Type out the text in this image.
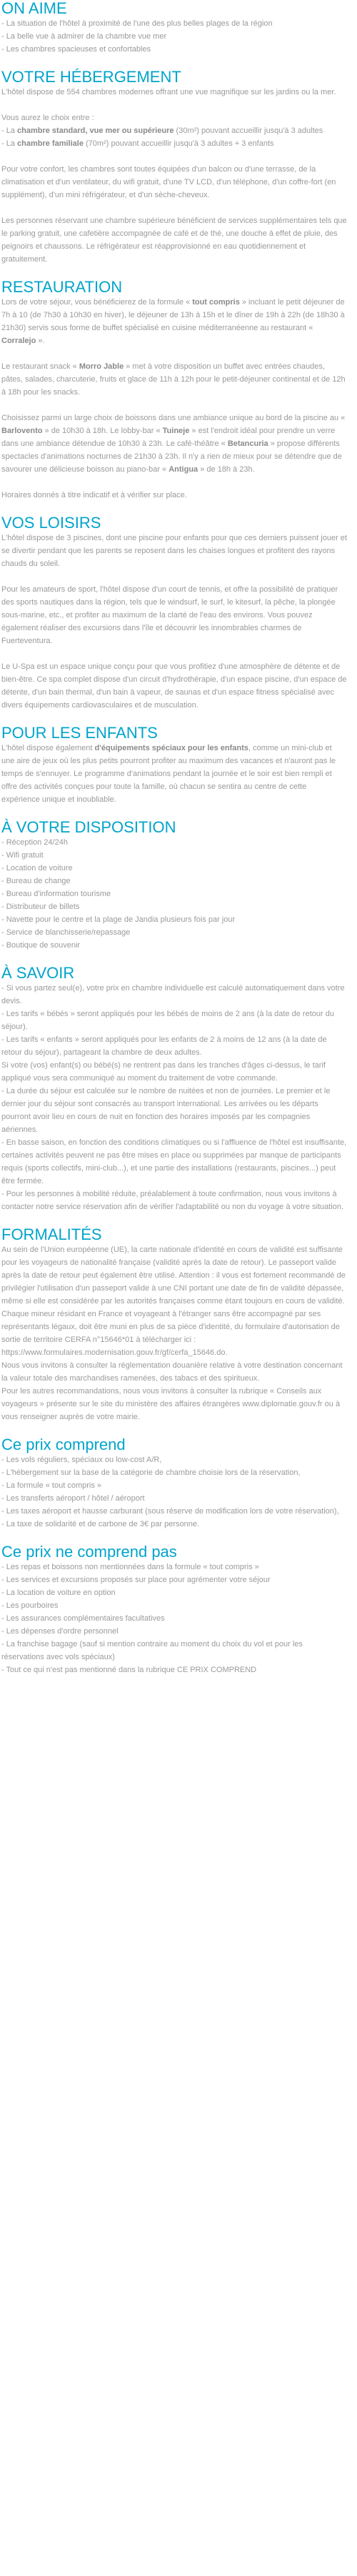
ON AIME
- La situation de l'hôtel à proximité de l'une des plus belles plages de la région
- La belle vue à admirer de la chambre vue mer
- Les chambres spacieuses et confortables
VOTRE HÉBERGEMENT

L'hôtel dispose de 554 chambres modernes offrant une vue magnifique sur les jardins ou la mer.

Vous aurez le choix entre :
- La chambre standard, vue mer ou supérieure (30m²) pouvant accueillir jusqu'à 3 adultes
- La chambre familiale (70m²) pouvant accueillir jusqu'à 3 adultes + 3 enfants

Pour votre confort, les chambres sont toutes équipées d'un balcon ou d'une terrasse, de la climatisation et d'un ventilateur, du wifi gratuit, d'une TV LCD, d'un téléphone, d'un coffre-fort (en supplément), d'un mini réfrigérateur, et d'un sèche-cheveux.

Les personnes réservant une chambre supérieure bénéficient de services supplémentaires tels que le parking gratuit, une cafetière accompagnée de café et de thé, une douche à effet de pluie, des peignoirs et chaussons. Le réfrigérateur est réapprovisionné en eau quotidiennement et gratuitement.

RESTAURATION

Lors de votre séjour, vous bénéficierez de la formule « tout compris » incluant le petit déjeuner de 7h à 10 (de 7h30 à 10h30 en hiver), le déjeuner de 13h à 15h et le dîner de 19h à 22h (de 18h30 à 21h30) servis sous forme de buffet spécialisé en cuisine méditerranéenne au restaurant « Corralejo ».

Le restaurant snack « Morro Jable » met à votre disposition un buffet avec entrées chaudes, pâtes, salades, charcuterie, fruits et glace de 11h à 12h pour le petit-déjeuner continental et de 12h à 18h pour les snacks.

Choisissez parmi un large choix de boissons dans une ambiance unique au bord de la piscine au « Barlovento » de 10h30 à 18h. Le lobby-bar « Tuineje » est l'endroit idéal pour prendre un verre dans une ambiance détendue de 10h30 à 23h. Le café-théâtre « Betancuria » propose différents spectacles d'animations nocturnes de 21h30 à 23h. Il n'y a rien de mieux pour se détendre que de savourer une délicieuse boisson au piano-bar « Antigua » de 18h à 23h.

Horaires donnés à titre indicatif et à vérifier sur place.

VOS LOISIRS

L'hôtel dispose de 3 piscines, dont une piscine pour enfants pour que ces derniers puissent jouer et se divertir pendant que les parents se reposent dans les chaises longues et profitent des rayons chauds du soleil.

Pour les amateurs de sport, l'hôtel dispose d'un court de tennis, et offre la possibilité de pratiquer des sports nautiques dans la région, tels que le windsurf, le surf, le kitesurf, la pêche, la plongée sous-marine, etc., et profiter au maximum de la clarté de l'eau des environs. Vous pouvez également réaliser des excursions dans l'île et découvrir les innombrables charmes de Fuerteventura.

Le U-Spa est un espace unique conçu pour que vous profitiez d'une atmosphère de détente et de bien-être. Ce spa complet dispose d'un circuit d'hydrothérapie, d'un espace piscine, d'un espace de détente, d'un bain thermal, d'un bain à vapeur, de saunas et d'un espace fitness spécialisé avec divers équipements cardiovasculaires et de musculation.

POUR LES ENFANTS

L'hôtel dispose également d'équipements spéciaux pour les enfants, comme un mini-club et une aire de jeux où les plus petits pourront profiter au maximum des vacances et n'auront pas le temps de s'ennuyer. Le programme d'animations pendant la journée et le soir est bien rempli et offre des activités conçues pour toute la famille, où chacun se sentira au centre de cette expérience unique et inoubliable.

À VOTRE DISPOSITION
- Réception 24/24h
- Wifi gratuit
- Location de voiture
- Bureau de change
- Bureau d'information tourisme
- Distributeur de billets
- Navette pour le centre et la plage de Jandia plusieurs fois par jour
- Service de blanchisserie/repassage
- Boutique de souvenir
À SAVOIR
- Si vous partez seul(e), votre prix en chambre individuelle est calculé automatiquement dans votre devis.
- Les tarifs « bébés » seront appliqués pour les bébés de moins de 2 ans (à la date de retour du séjour).
- Les tarifs « enfants » seront appliqués pour les enfants de 2 à moins de 12 ans (à la date de retour du séjour), partageant la chambre de deux adultes.
Si votre (vos) enfant(s) ou bébé(s) ne rentrent pas dans les tranches d'âges ci-dessus, le tarif appliqué vous sera communiqué au moment du traitement de votre commande.
- La durée du séjour est calculée sur le nombre de nuitées et non de journées. Le premier et le dernier jour du séjour sont consacrés au transport international. Les arrivées ou les départs pourront avoir lieu en cours de nuit en fonction des horaires imposés par les compagnies aériennes.
- En basse saison, en fonction des conditions climatiques ou si l'affluence de l'hôtel est insuffisante, certaines activités peuvent ne pas être mises en place ou supprimées par manque de participants requis (sports collectifs, mini-club...), et une partie des installations (restaurants, piscines...) peut être fermée.
- Pour les personnes à mobilité réduite, préalablement à toute confirmation, nous vous invitons à contacter notre service réservation afin de vérifier l'adaptabilité ou non du voyage à votre situation.
FORMALITÉS
Au sein de l'Union européenne (UE), la carte nationale d'identité en cours de validité est suffisante pour les voyageurs de nationalité française (validité après la date de retour). Le passeport valide après la date de retour peut également être utilisé. Attention : il vous est fortement recommandé de privilégier l'utilisation d'un passeport valide à une CNI portant une date de fin de validité dépassée, même si elle est considérée par les autorités françaises comme étant toujours en cours de validité. Chaque mineur résidant en France et voyageant à l'étranger sans être accompagné par ses représentants légaux, doit être muni en plus de sa pièce d'identité, du formulaire d'autorisation de sortie de territoire CERFA n°15646*01 à télécharger ici : https://www.formulaires.modernisation.gouv.fr/gf/cerfa_15646.do.
Nous vous invitons à consulter la réglementation douanière relative à votre destination concernant la valeur totale des marchandises ramenées, des tabacs et des spiritueux.
Pour les autres recommandations, nous vous invitons à consulter la rubrique « Conseils aux voyageurs » présente sur le site du ministère des affaires étrangères www.diplomatie.gouv.fr ou à vous renseigner auprès de votre mairie.
Ce prix comprend
- Les vols réguliers, spéciaux ou low-cost A/R,
- L'hébergement sur la base de la catégorie de chambre choisie lors de la réservation,
- La formule « tout compris »
- Les transferts aéroport / hôtel / aéroport
- Les taxes aéroport et hausse carburant (sous réserve de modification lors de votre réservation),
- La taxe de solidarité et de carbone de 3€ par personne.
Ce prix ne comprend pas
- Les repas et boissons non mentionnées dans la formule « tout compris »
- Les services et excursions proposés sur place pour agrémenter votre séjour
- La location de voiture en option
- Les pourboires
- Les assurances complémentaires facultatives
- Les dépenses d'ordre personnel
- La franchise bagage (sauf si mention contraire au moment du choix du vol et pour les réservations avec vols spéciaux)
- Tout ce qui n'est pas mentionné dans la rubrique CE PRIX COMPREND
